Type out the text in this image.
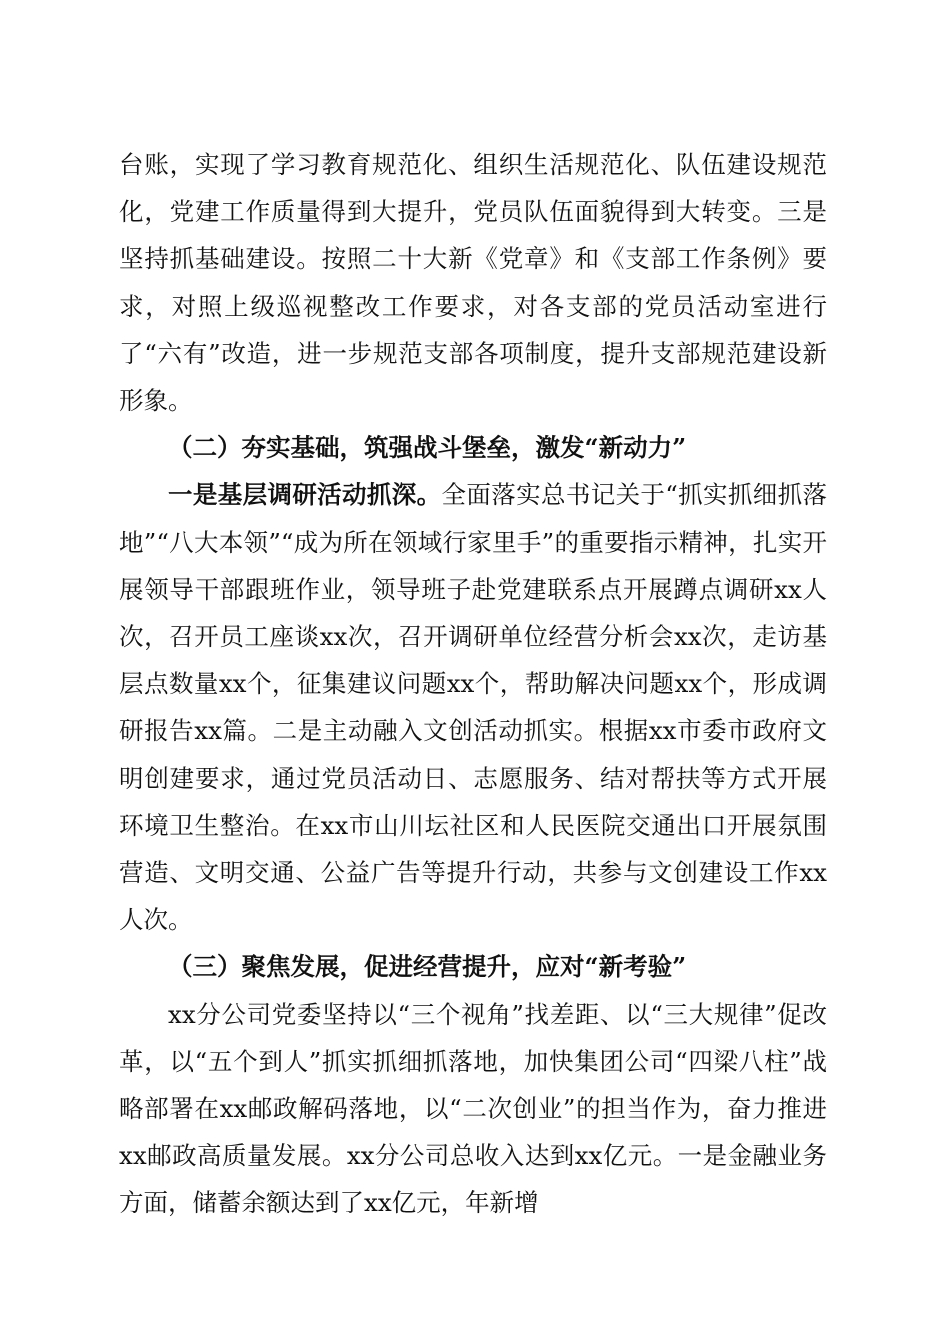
台账，实现了学习教育规范化、组织生活规范化、队伍建设规范化，党建工作质量得到大提升，党员队伍面貌得到大转变。三是坚持抓基础建设。按照二十大新《党章》和《支部工作条例》要求，对照上级巡视整改工作要求，对各支部的党员活动室进行了“六有”改造，进一步规范支部各项制度，提升支部规范建设新形象。

（二）夯实基础，筑强战斗堡垒，激发“新动力”

一是基层调研活动抓深。全面落实总书记关于“抓实抓细抓落地”“八大本领”“成为所在领域行家里手”的重要指示精神，扎实开展领导干部跟班作业，领导班子赴党建联系点开展蹲点调研xx人次，召开员工座谈xx次，召开调研单位经营分析会xx次，走访基层点数量xx个，征集建议问题xx个，帮助解决问题xx个，形成调研报告xx篇。二是主动融入文创活动抓实。根据xx市委市政府文明创建要求，通过党员活动日、志愿服务、结对帮扶等方式开展环境卫生整治。在xx市山川坛社区和人民医院交通出口开展氛围营造、文明交通、公益广告等提升行动，共参与文创建设工作xx人次。

（三）聚焦发展，促进经营提升，应对“新考验”

xx分公司党委坚持以“三个视角”找差距、以“三大规律”促改革，以“五个到人”抓实抓细抓落地，加快集团公司“四梁八柱”战略部署在xx邮政解码落地，以“二次创业”的担当作为，奋力推进xx邮政高质量发展。xx分公司总收入达到xx亿元。一是金融业务方面，储蓄余额达到了xx亿元，年新增
